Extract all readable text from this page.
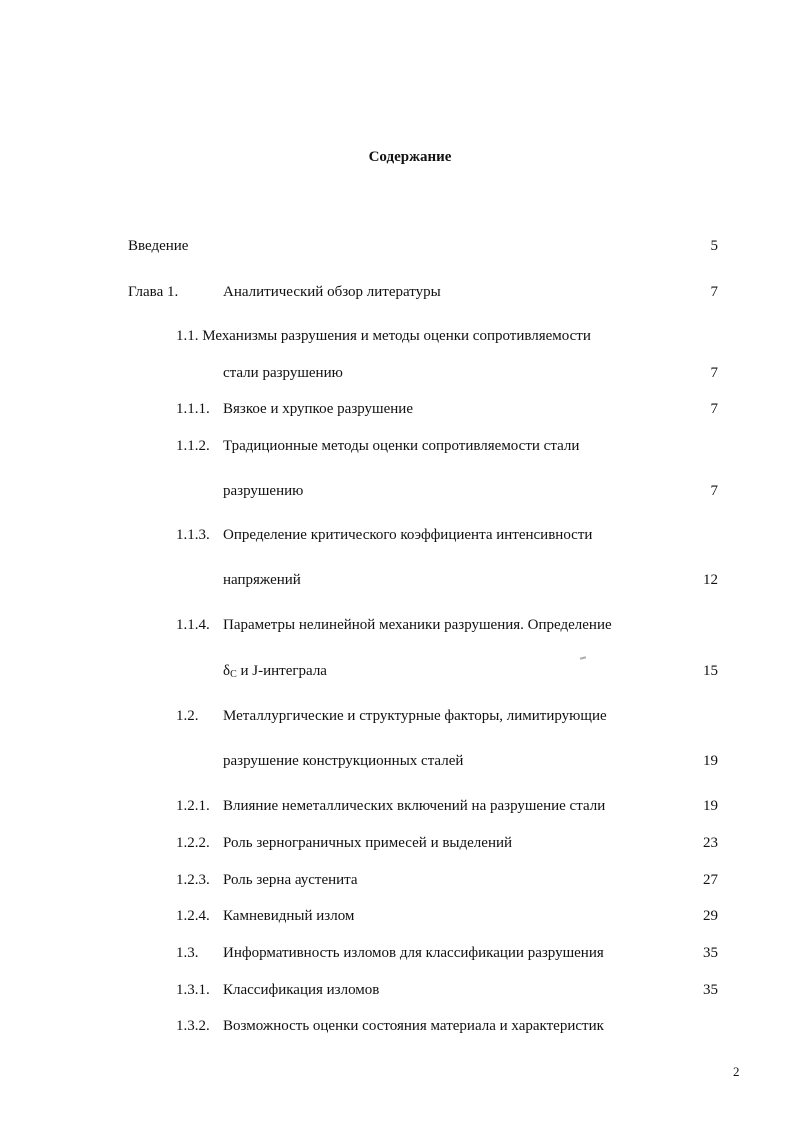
Содержание
Введение	5
Глава 1.	Аналитический обзор литературы	7
1.1. Механизмы разрушения и методы оценки сопротивляемости
стали разрушению	7
1.1.1. Вязкое и хрупкое разрушение	7
1.1.2. Традиционные методы оценки сопротивляемости стали
разрушению	7
1.1.3. Определение критического коэффициента интенсивности
напряжений	12
1.1.4. Параметры нелинейной механики разрушения. Определение
$\delta_C$ и J-интеграла	15
1.2. Металлургические и структурные факторы, лимитирующие
разрушение конструкционных сталей	19
1.2.1. Влияние неметаллических включений на разрушение стали	19
1.2.2. Роль зернограничных примесей и выделений	23
1.2.3. Роль зерна аустенита	27
1.2.4. Камневидный излом	29
1.3. Информативность изломов для классификации разрушения	35
1.3.1. Классификация изломов	35
1.3.2. Возможность оценки состояния материала и характеристик
2
